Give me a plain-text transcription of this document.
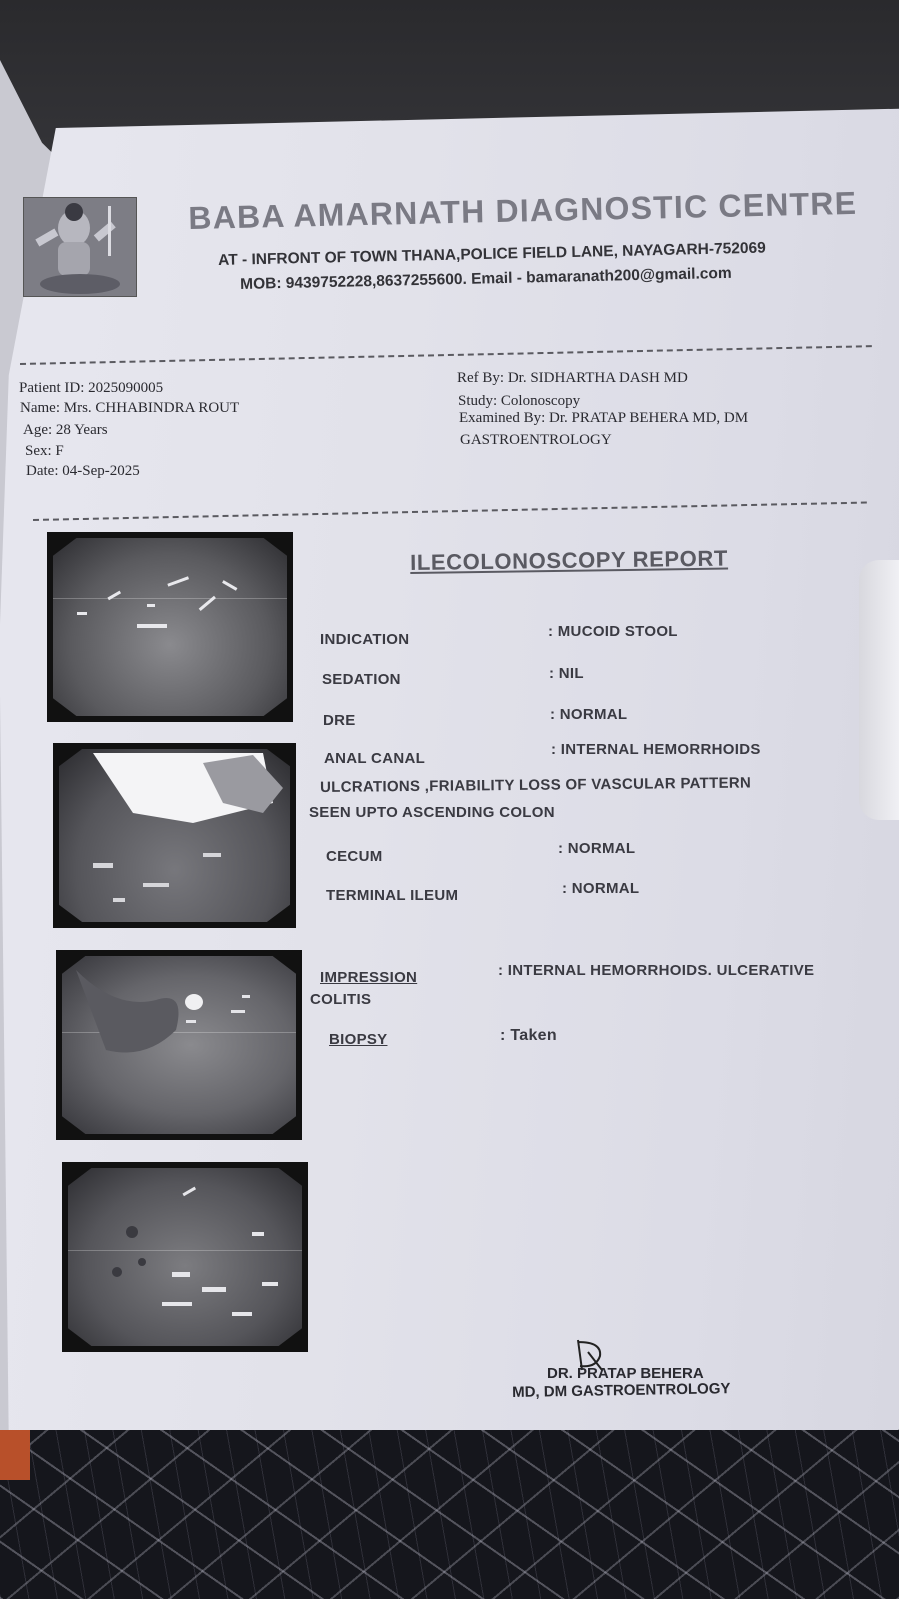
BABA AMARNATH DIAGNOSTIC CENTRE
AT - INFRONT OF TOWN THANA,POLICE FIELD LANE, NAYAGARH-752069
MOB: 9439752228,8637255600. Email - bamaranath200@gmail.com
Patient ID: 2025090005
Name: Mrs. CHHABINDRA ROUT
Age: 28 Years
Sex: F
Date: 04-Sep-2025
Ref By: Dr. SIDHARTHA DASH MD
Study: Colonoscopy
Examined By: Dr. PRATAP BEHERA MD, DM
GASTROENTROLOGY
ILECOLONOSCOPY REPORT
INDICATION	: MUCOID STOOL
SEDATION	: NIL
DRE	: NORMAL
ANAL CANAL
: INTERNAL HEMORRHOIDS
ULCRATIONS ,FRIABILITY LOSS OF VASCULAR PATTERN
SEEN UPTO ASCENDING COLON
CECUM	: NORMAL
TERMINAL ILEUM	: NORMAL
IMPRESSION	: INTERNAL HEMORRHOIDS. ULCERATIVE
COLITIS
BIOPSY	: Taken
DR. PRATAP BEHERA
MD, DM GASTROENTROLOGY
